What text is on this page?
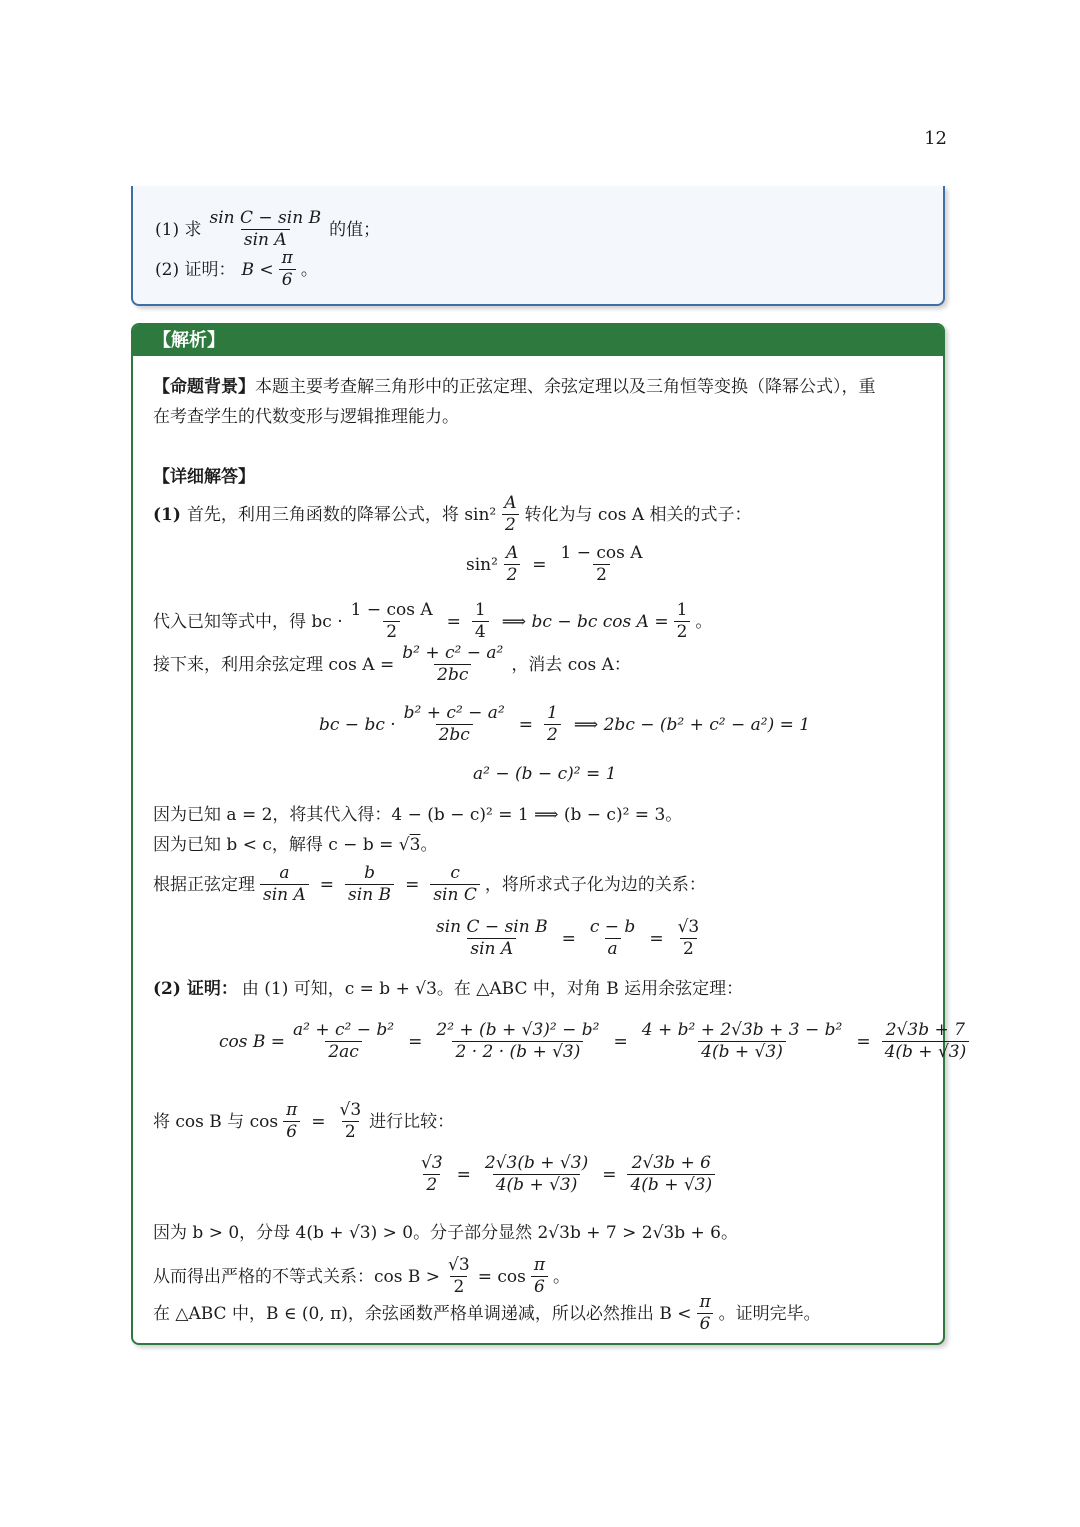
12
(1) 求
sin C − sin B
sin A
的值；
(2) 证明： B <
π
6
。
【解析】
【命题背景】 本题主要考查解三角形中的正弦定理、余弦定理以及三角恒等变换（降幂公式），重
在考查学生的代数变形与逻辑推理能力。
【详细解答】
(1) 首先，利用三角函数的降幂公式，将 sin²
A
2
转化为与 cos A 相关的式子：
$\sin^2 \frac{A}{2} = \frac{\text{1 − cos A}}{2}$
代入已知等式中，得 bc · $\frac{\text{1 − cos A}}{2} = \frac{1}{4}$ ⟹ bc − bc $\cos A = \frac{1}{2}$ 。
接下来，利用余弦定理 $\cos A = \frac{\text{b² + c² − a²}}{2bc}$ ，消去 cos A：
bc − bc · $\frac{\text{b² + c² − a²}}{2bc} = \frac{1}{2}$ ⟹ 2bc − (b² + c² − a²) = 1
a² − (b − c)² = 1
因为已知 a = 2，将其代入得：4 − (b − c)² = 1 ⟹ (b − c)² = 3。
因为已知 b < c，解得 c − b = √ 3 。
根据正弦定理 $\frac{a}{\text{sin A}} = \frac{b}{\text{sin B}} = \frac{c}{\text{sin C}}$ ，将所求式子化为边的关系：
$\frac{\text{sin C − sin B}}{\text{sin A}} = \frac{c - b}{a} = \frac{√3}{2}$
(2) 证明： 由 (1) 可知，c = b + √3。在 △ABC 中，对角 B 运用余弦定理：
$\cos B = \frac{\text{a² + c² − b²}}{2ac} = \frac{\text{2² + (b + √3)² − b²}}{2 \cdot 2 \cdot (b + √3)} = \frac{\text{4 + b² + 2√3b + 3 − b²}}{4(b + √3)} = \frac{2√3b + 7}{4(b + √3)}$
将 cos B 与 $\cos \frac{\pi}{6} = \frac{√3}{2}$ 进行比较：
$\frac{√3}{2} = \frac{2√3(b + √3)}{4(b + √3)} = \frac{2√3b + 6}{4(b + √3)}$
因为 b > 0，分母 4(b + √3) > 0。分子部分显然 2√3b + 7 > 2√3b + 6。
从而得出严格的不等式关系：$\cos B > \frac{√3}{2} = \cos$
π
6
。
在 △ABC 中，B ∈ (0, π)，余弦函数严格单调递减，所以必然推出 B <
π
6
。证明完毕。
